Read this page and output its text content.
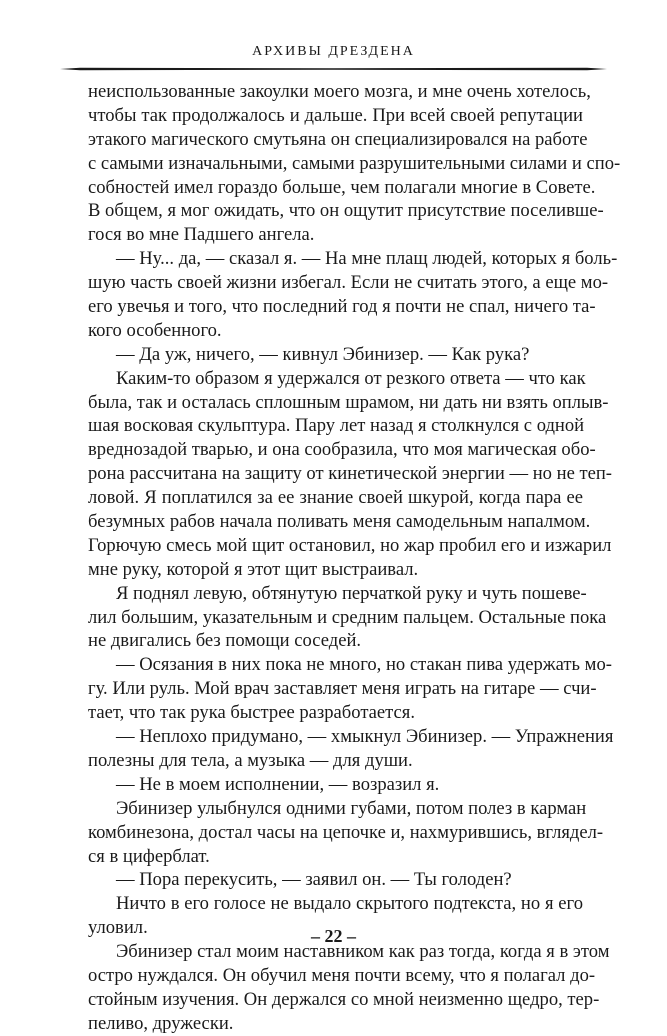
АРХИВЫ ДРЕЗДЕНА
неиспользованные закоулки моего мозга, и мне очень хотелось,
чтобы так продолжалось и дальше. При всей своей репутации
этакого магического смутьяна он специализировался на работе
с самыми изначальными, самыми разрушительными силами и спо-
собностей имел гораздо больше, чем полагали многие в Совете.
В общем, я мог ожидать, что он ощутит присутствие поселивше-
гося во мне Падшего ангела.
— Ну... да, — сказал я. — На мне плащ людей, которых я боль-
шую часть своей жизни избегал. Если не считать этого, а еще мо-
его увечья и того, что последний год я почти не спал, ничего та-
кого особенного.
— Да уж, ничего, — кивнул Эбинизер. — Как рука?
Каким-то образом я удержался от резкого ответа — что как
была, так и осталась сплошным шрамом, ни дать ни взять оплыв-
шая восковая скульптура. Пару лет назад я столкнулся с одной
вреднозадой тварью, и она сообразила, что моя магическая обо-
рона рассчитана на защиту от кинетической энергии — но не теп-
ловой. Я поплатился за ее знание своей шкурой, когда пара ее
безумных рабов начала поливать меня самодельным напалмом.
Горючую смесь мой щит остановил, но жар пробил его и изжарил
мне руку, которой я этот щит выстраивал.
Я поднял левую, обтянутую перчаткой руку и чуть пошеве-
лил большим, указательным и средним пальцем. Остальные пока
не двигались без помощи соседей.
— Осязания в них пока не много, но стакан пива удержать мо-
гу. Или руль. Мой врач заставляет меня играть на гитаре — счи-
тает, что так рука быстрее разработается.
— Неплохо придумано, — хмыкнул Эбинизер. — Упражнения
полезны для тела, а музыка — для души.
— Не в моем исполнении, — возразил я.
Эбинизер улыбнулся одними губами, потом полез в карман
комбинезона, достал часы на цепочке и, нахмурившись, вглядел-
ся в циферблат.
— Пора перекусить, — заявил он. — Ты голоден?
Ничто в его голосе не выдало скрытого подтекста, но я его
уловил.
Эбинизер стал моим наставником как раз тогда, когда я в этом
остро нуждался. Он обучил меня почти всему, что я полагал до-
стойным изучения. Он держался со мной неизменно щедро, тер-
пеливо, дружески.
– 22 –
